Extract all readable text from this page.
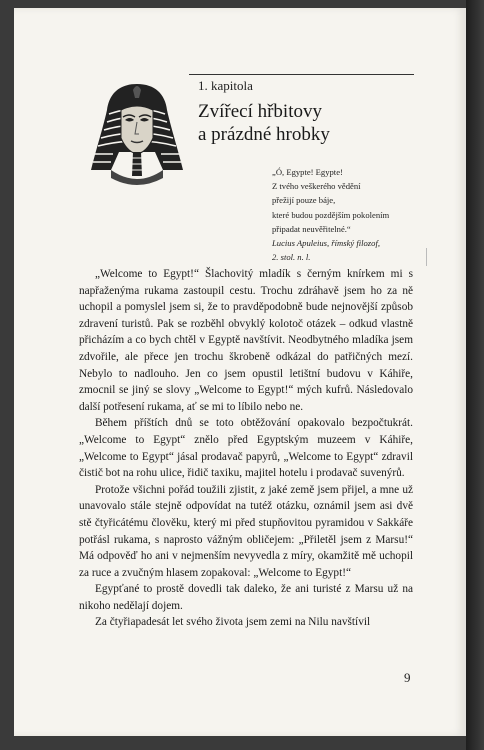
1. kapitola
Zvířecí hřbitovy
a prázdné hrobky
„Ó, Egypte! Egypte!
Z tvého veškerého vědění
přežijí pouze báje,
které budou pozdějším pokolením
připadat neuvěřitelné.“
Lucius Apuleius, římský filozof,
2. stol. n. l.

„Welcome to Egypt!“ Šlachovitý mladík s černým knírkem mi s napřaženýma rukama zastoupil cestu. Trochu zdráhavě jsem ho za ně uchopil a pomyslel jsem si, že to pravděpodobně bude nejnovější způsob zdravení turistů. Pak se rozběhl obvyklý kolotoč otázek – odkud vlastně přicházím a co bych chtěl v Egyptě navštívit. Neodbytného mladíka jsem zdvořile, ale přece jen trochu škrobeně odkázal do patřičných mezí. Nebylo to nadlouho. Jen co jsem opustil letištní budovu v Káhiře, zmocnil se jiný se slovy „Welcome to Egypt!“ mých kufrů. Následovalo další potřesení rukama, ať se mi to líbilo nebo ne.

Během příštích dnů se toto obtěžování opakovalo bezpočtukrát. „Welcome to Egypt“ znělo před Egyptským muzeem v Káhiře, „Welcome to Egypt“ jásal prodavač papyrů, „Welcome to Egypt“ zdravil čistič bot na rohu ulice, řidič taxiku, majitel hotelu i prodavač suvenýrů.

Protože všichni pořád toužili zjistit, z jaké země jsem přijel, a mne už unavovalo stále stejně odpovídat na tutéž otázku, oznámil jsem asi dvě stě čtyřicátému člověku, který mi před stupňovitou pyramidou v Sakkáře potřásl rukama, s naprosto vážným obličejem: „Přiletěl jsem z Marsu!“ Má odpověď ho ani v nejmenším nevyvedla z míry, okamžitě mě uchopil za ruce a zvučným hlasem zopakoval: „Welcome to Egypt!“

Egypťané to prostě dovedli tak daleko, že ani turisté z Marsu už na nikoho nedělají dojem.

Za čtyřiapadesát let svého života jsem zemi na Nilu navštívil

9
